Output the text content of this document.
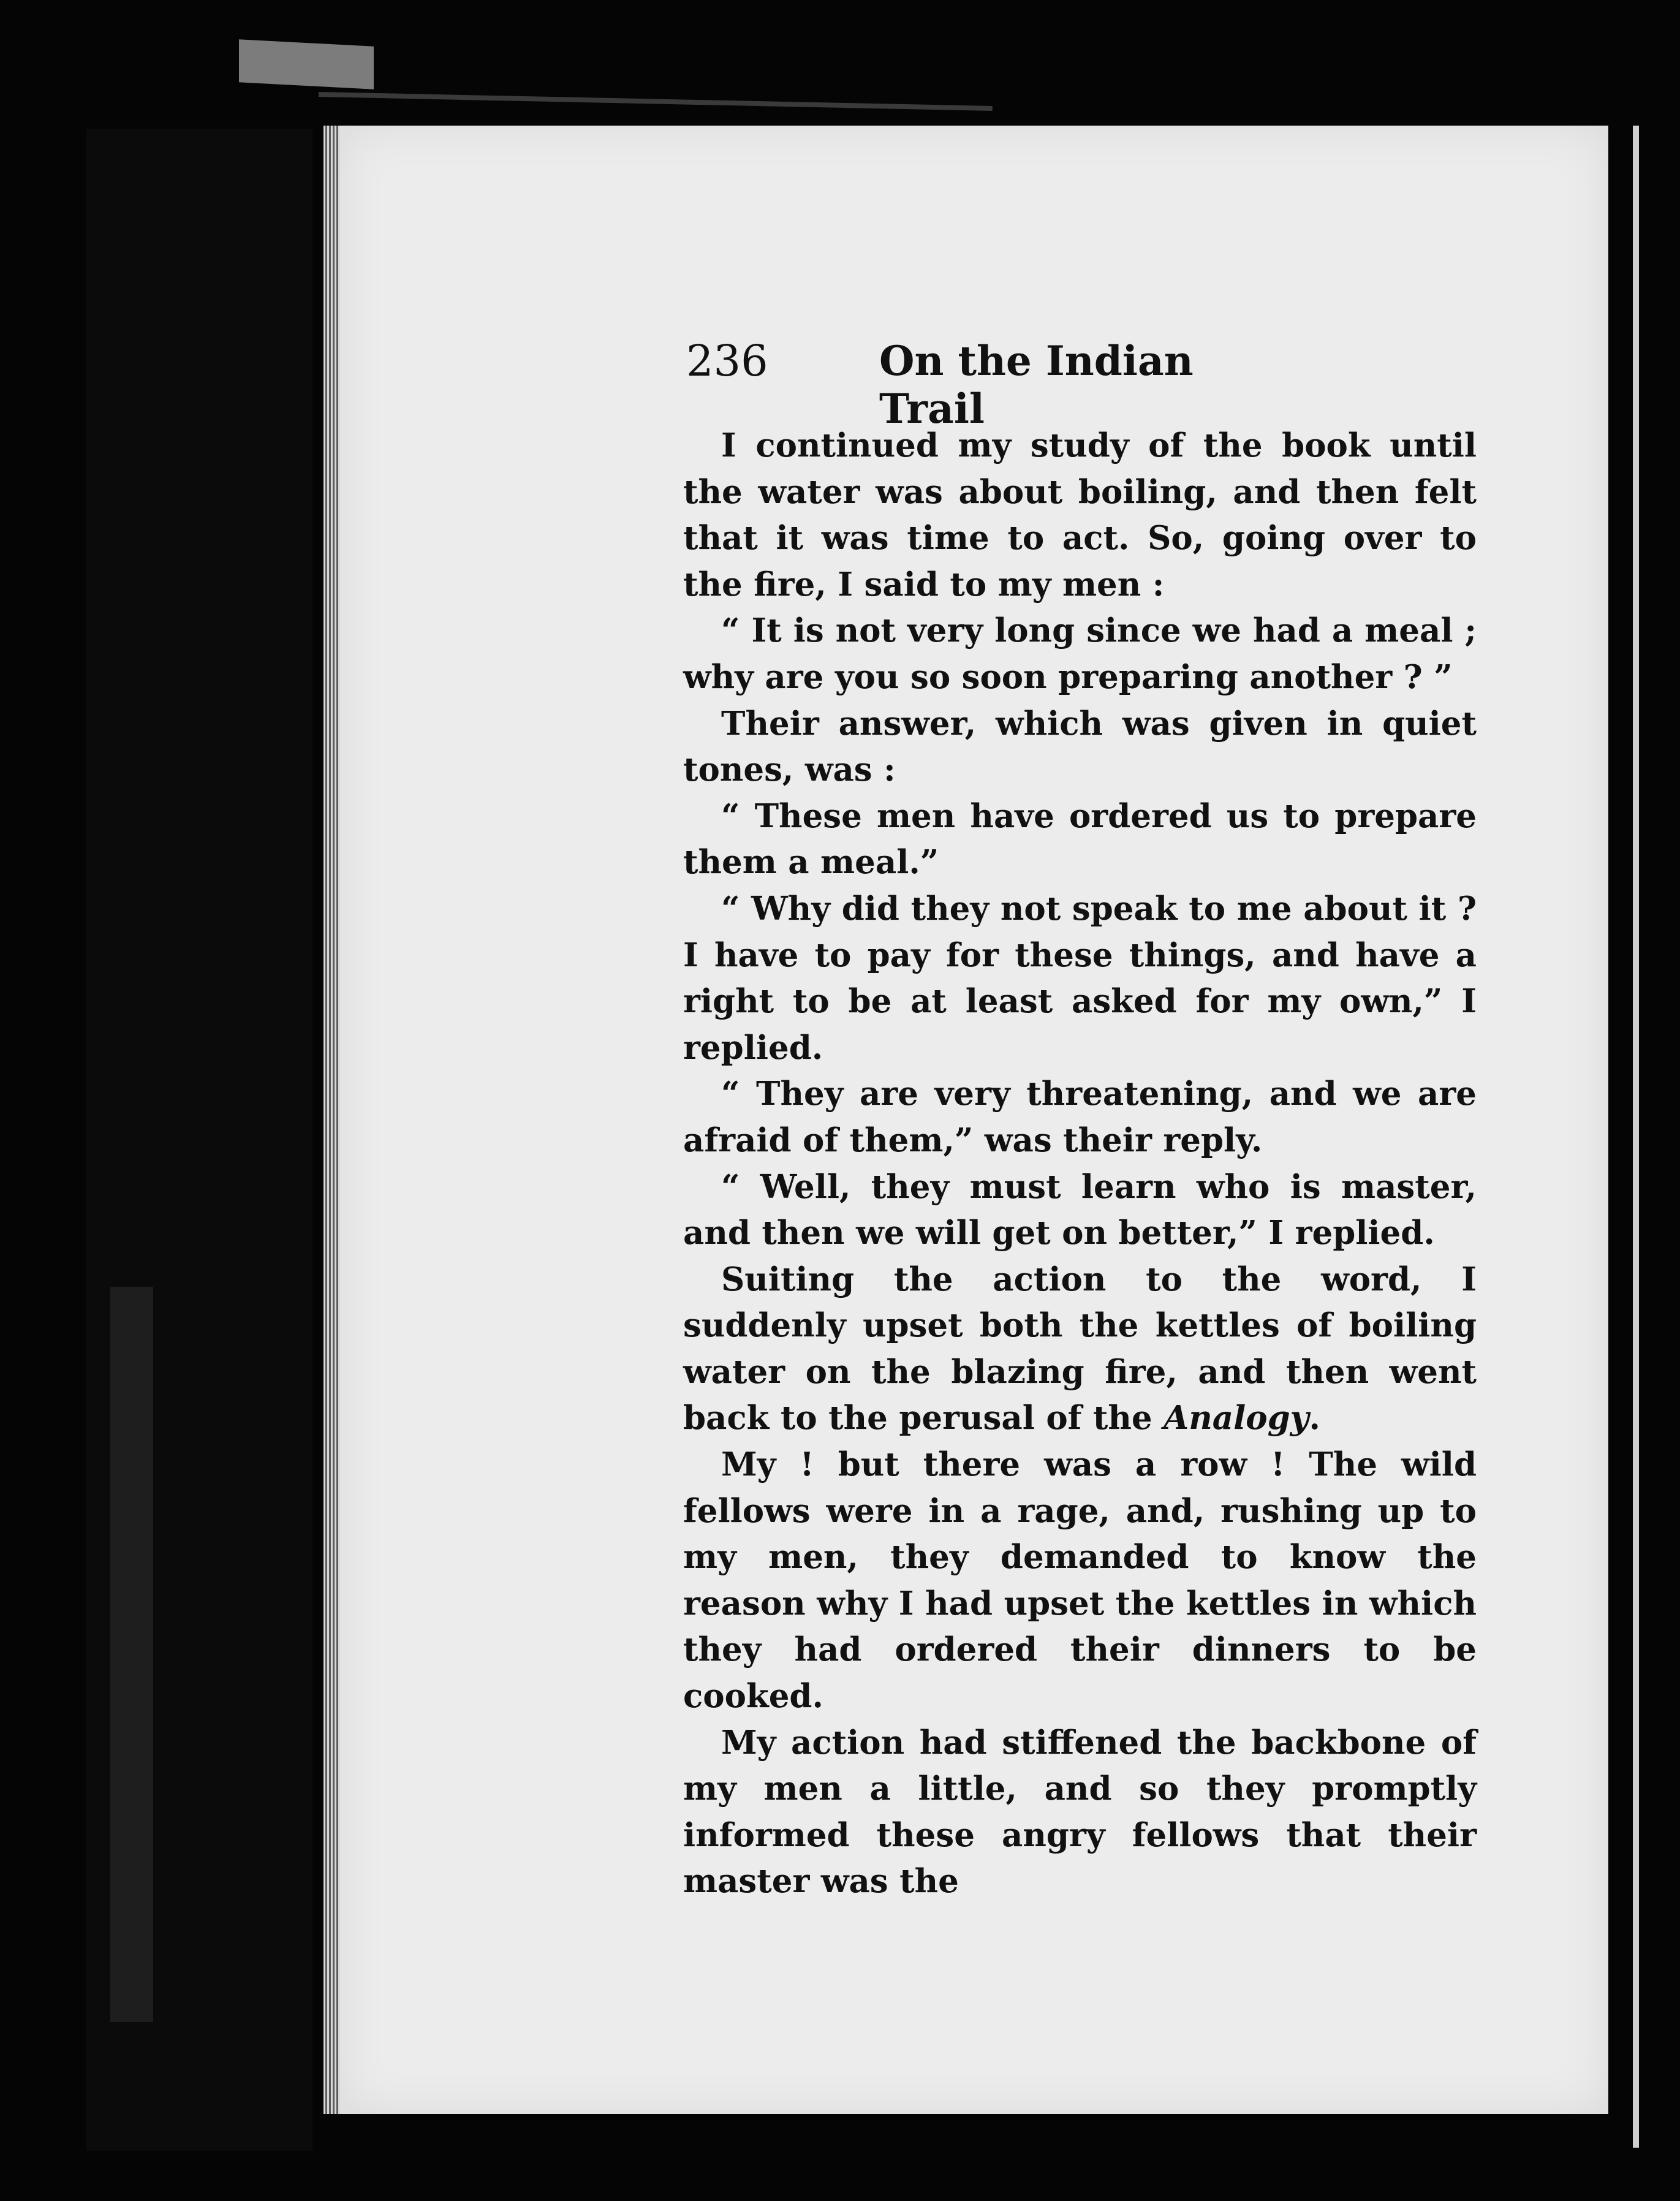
236	On the Indian Trail

I continued my study of the book until the water was about boiling, and then felt that it was time to act. So, going over to the fire, I said to my men :

“ It is not very long since we had a meal ; why are you so soon preparing another ? ”

Their answer, which was given in quiet tones, was :

“ These men have ordered us to prepare them a meal.”

“ Why did they not speak to me about it ? I have to pay for these things, and have a right to be at least asked for my own,” I replied.

“ They are very threatening, and we are afraid of them,” was their reply.

“ Well, they must learn who is master, and then we will get on better,” I replied.

Suiting the action to the word, I suddenly upset both the kettles of boiling water on the blazing fire, and then went back to the perusal of the Analogy.

My ! but there was a row ! The wild fellows were in a rage, and, rushing up to my men, they demanded to know the reason why I had upset the kettles in which they had ordered their dinners to be cooked.

My action had stiffened the backbone of my men a little, and so they promptly informed these angry fellows that their master was the
